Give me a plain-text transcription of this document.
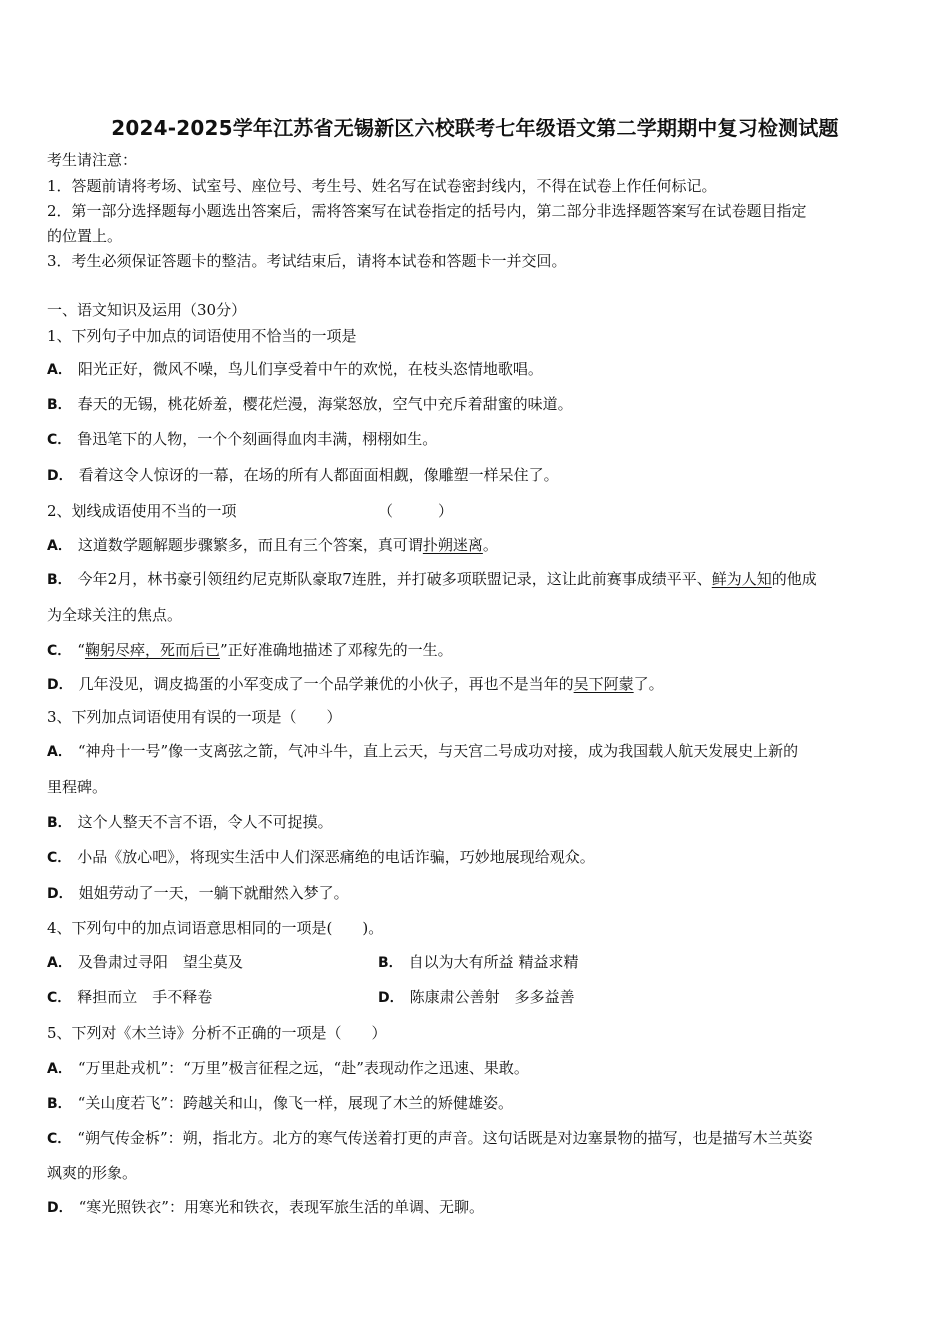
2024-2025学年江苏省无锡新区六校联考七年级语文第二学期期中复习检测试题
考生请注意：
1．答题前请将考场、试室号、座位号、考生号、姓名写在试卷密封线内，不得在试卷上作任何标记。
2．第一部分选择题每小题选出答案后，需将答案写在试卷指定的括号内，第二部分非选择题答案写在试卷题目指定
的位置上。
3．考生必须保证答题卡的整洁。考试结束后，请将本试卷和答题卡一并交回。
一、语文知识及运用（30分）
1、下列句子中加点的词语使用不恰当的一项是
A． 阳光正好，微风不噪，鸟儿们享受着中午的欢悦，在枝头恣情地歌唱。
B． 春天的无锡，桃花娇羞，樱花烂漫，海棠怒放，空气中充斥着甜蜜的味道。
C． 鲁迅笔下的人物，一个个刻画得血肉丰满，栩栩如生。
D． 看着这令人惊讶的一幕，在场的所有人都面面相觑，像雕塑一样呆住了。
2、划线成语使用不当的一项	（　　　）
A． 这道数学题解题步骤繁多，而且有三个答案，真可谓扑朔迷离。
B． 今年2月，林书豪引领纽约尼克斯队豪取7连胜，并打破多项联盟记录，这让此前赛事成绩平平、鲜为人知的他成
为全球关注的焦点。
C． “鞠躬尽瘁，死而后已”正好准确地描述了邓稼先的一生。
D． 几年没见，调皮捣蛋的小军变成了一个品学兼优的小伙子，再也不是当年的吴下阿蒙了。
3、下列加点词语使用有误的一项是（　　）
A． “神舟十一号”像一支离弦之箭，气冲斗牛，直上云天，与天宫二号成功对接，成为我国载人航天发展史上新的
里程碑。
B． 这个人整天不言不语，令人不可捉摸。
C． 小品《放心吧》，将现实生活中人们深恶痛绝的电话诈骗，巧妙地展现给观众。
D． 姐姐劳动了一天，一躺下就酣然入梦了。
4、下列句中的加点词语意思相同的一项是(　　)。
A． 及鲁肃过寻阳　望尘莫及	B． 自以为大有所益 精益求精
C． 释担而立　手不释卷	D． 陈康肃公善射　多多益善
5、下列对《木兰诗》分析不正确的一项是（　　）
A． “万里赴戎机”：“万里”极言征程之远，“赴”表现动作之迅速、果敢。
B． “关山度若飞”：跨越关和山，像飞一样，展现了木兰的矫健雄姿。
C． “朔气传金柝”：朔，指北方。北方的寒气传送着打更的声音。这句话既是对边塞景物的描写，也是描写木兰英姿
飒爽的形象。
D． “寒光照铁衣”：用寒光和铁衣，表现军旅生活的单调、无聊。
